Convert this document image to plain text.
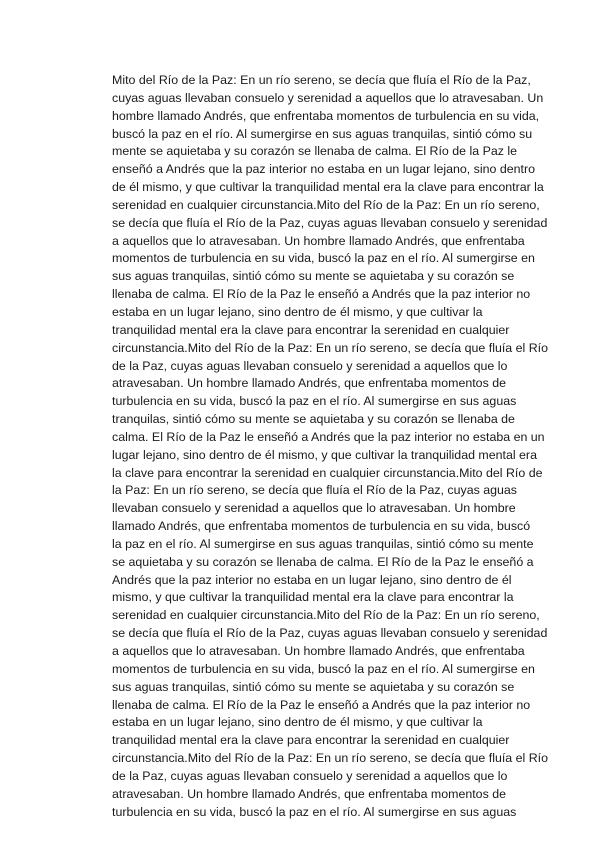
Mito del Río de la Paz: En un río sereno, se decía que fluía el Río de la Paz,
cuyas aguas llevaban consuelo y serenidad a aquellos que lo atravesaban. Un
hombre llamado Andrés, que enfrentaba momentos de turbulencia en su vida,
buscó la paz en el río. Al sumergirse en sus aguas tranquilas, sintió cómo su
mente se aquietaba y su corazón se llenaba de calma. El Río de la Paz le
enseñó a Andrés que la paz interior no estaba en un lugar lejano, sino dentro
de él mismo, y que cultivar la tranquilidad mental era la clave para encontrar la
serenidad en cualquier circunstancia.Mito del Río de la Paz: En un río sereno,
se decía que fluía el Río de la Paz, cuyas aguas llevaban consuelo y serenidad
a aquellos que lo atravesaban. Un hombre llamado Andrés, que enfrentaba
momentos de turbulencia en su vida, buscó la paz en el río. Al sumergirse en
sus aguas tranquilas, sintió cómo su mente se aquietaba y su corazón se
llenaba de calma. El Río de la Paz le enseñó a Andrés que la paz interior no
estaba en un lugar lejano, sino dentro de él mismo, y que cultivar la
tranquilidad mental era la clave para encontrar la serenidad en cualquier
circunstancia.Mito del Río de la Paz: En un río sereno, se decía que fluía el Río
de la Paz, cuyas aguas llevaban consuelo y serenidad a aquellos que lo
atravesaban. Un hombre llamado Andrés, que enfrentaba momentos de
turbulencia en su vida, buscó la paz en el río. Al sumergirse en sus aguas
tranquilas, sintió cómo su mente se aquietaba y su corazón se llenaba de
calma. El Río de la Paz le enseñó a Andrés que la paz interior no estaba en un
lugar lejano, sino dentro de él mismo, y que cultivar la tranquilidad mental era
la clave para encontrar la serenidad en cualquier circunstancia.Mito del Río de
la Paz: En un río sereno, se decía que fluía el Río de la Paz, cuyas aguas
llevaban consuelo y serenidad a aquellos que lo atravesaban. Un hombre
llamado Andrés, que enfrentaba momentos de turbulencia en su vida, buscó
la paz en el río. Al sumergirse en sus aguas tranquilas, sintió cómo su mente
se aquietaba y su corazón se llenaba de calma. El Río de la Paz le enseñó a
Andrés que la paz interior no estaba en un lugar lejano, sino dentro de él
mismo, y que cultivar la tranquilidad mental era la clave para encontrar la
serenidad en cualquier circunstancia.Mito del Río de la Paz: En un río sereno,
se decía que fluía el Río de la Paz, cuyas aguas llevaban consuelo y serenidad
a aquellos que lo atravesaban. Un hombre llamado Andrés, que enfrentaba
momentos de turbulencia en su vida, buscó la paz en el río. Al sumergirse en
sus aguas tranquilas, sintió cómo su mente se aquietaba y su corazón se
llenaba de calma. El Río de la Paz le enseñó a Andrés que la paz interior no
estaba en un lugar lejano, sino dentro de él mismo, y que cultivar la
tranquilidad mental era la clave para encontrar la serenidad en cualquier
circunstancia.Mito del Río de la Paz: En un río sereno, se decía que fluía el Río
de la Paz, cuyas aguas llevaban consuelo y serenidad a aquellos que lo
atravesaban. Un hombre llamado Andrés, que enfrentaba momentos de
turbulencia en su vida, buscó la paz en el río. Al sumergirse en sus aguas
